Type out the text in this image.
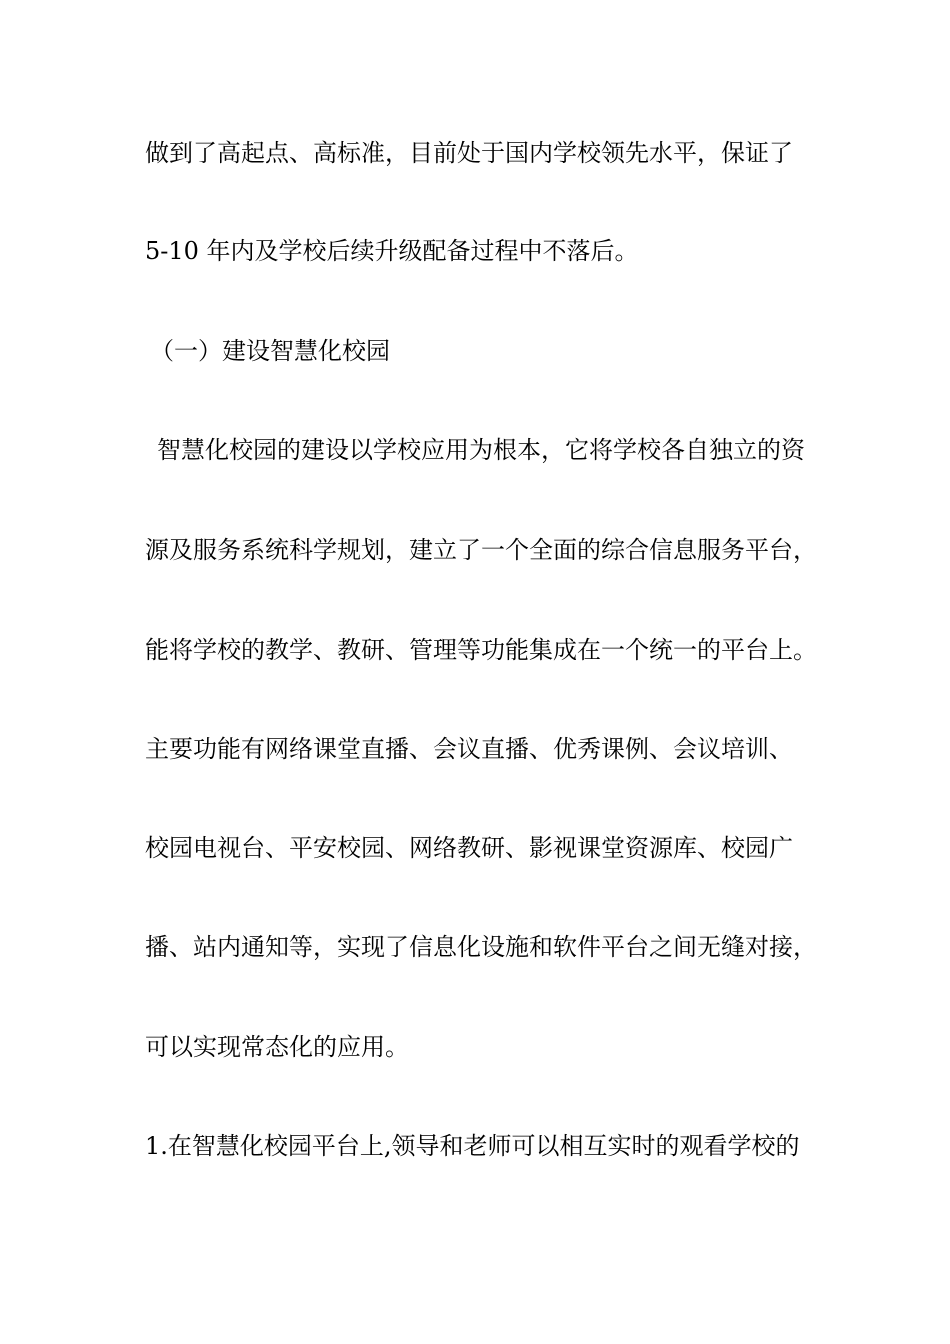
做到了高起点、高标准，目前处于国内学校领先水平，保证了
5-10 年内及学校后续升级配备过程中不落后。
（一）建设智慧化校园
智慧化校园的建设以学校应用为根本，它将学校各自独立的资
源及服务系统科学规划，建立了一个全面的综合信息服务平台，
能将学校的教学、教研、管理等功能集成在一个统一的平台上。
主要功能有网络课堂直播、会议直播、优秀课例、会议培训、
校园电视台、平安校园、网络教研、影视课堂资源库、校园广
播、站内通知等，实现了信息化设施和软件平台之间无缝对接，
可以实现常态化的应用。
1.在智慧化校园平台上,领导和老师可以相互实时的观看学校的
